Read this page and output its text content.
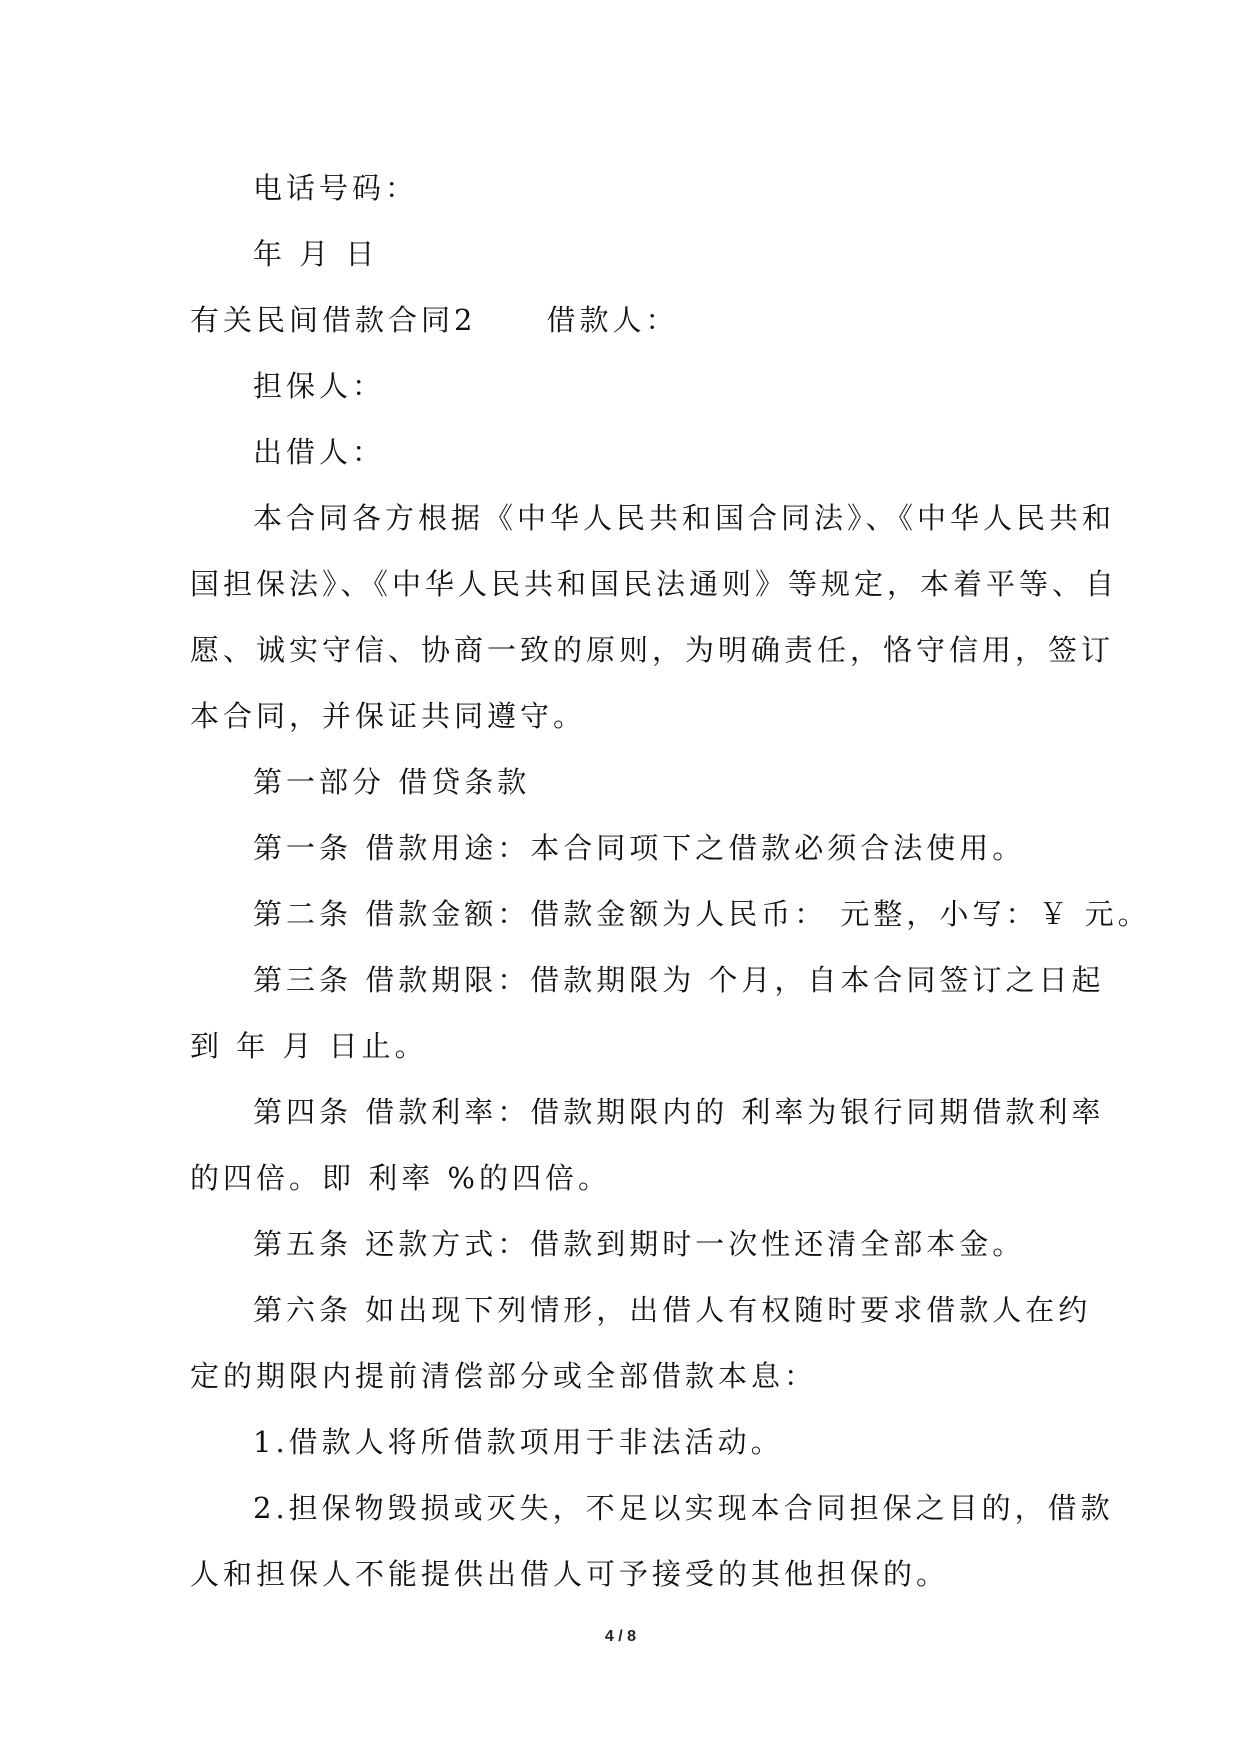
电话号码：
年 月 日
有关民间借款合同2 借款人：
担保人：
出借人：
本合同各方根据《中华人民共和国合同法》、《中华人民共和
国担保法》、《中华人民共和国民法通则》等规定，本着平等、自
愿、诚实守信、协商一致的原则，为明确责任，恪守信用，签订
本合同，并保证共同遵守。
第一部分 借贷条款
第一条 借款用途：本合同项下之借款必须合法使用。
第二条 借款金额：借款金额为人民币： 元整，小写：￥ 元。
第三条 借款期限：借款期限为 个月，自本合同签订之日起
到 年 月 日止。
第四条 借款利率：借款期限内的 利率为银行同期借款利率
的四倍。即 利率 %的四倍。
第五条 还款方式：借款到期时一次性还清全部本金。
第六条 如出现下列情形，出借人有权随时要求借款人在约
定的期限内提前清偿部分或全部借款本息：
1.借款人将所借款项用于非法活动。
2.担保物毁损或灭失，不足以实现本合同担保之目的，借款
人和担保人不能提供出借人可予接受的其他担保的。
4 / 8
